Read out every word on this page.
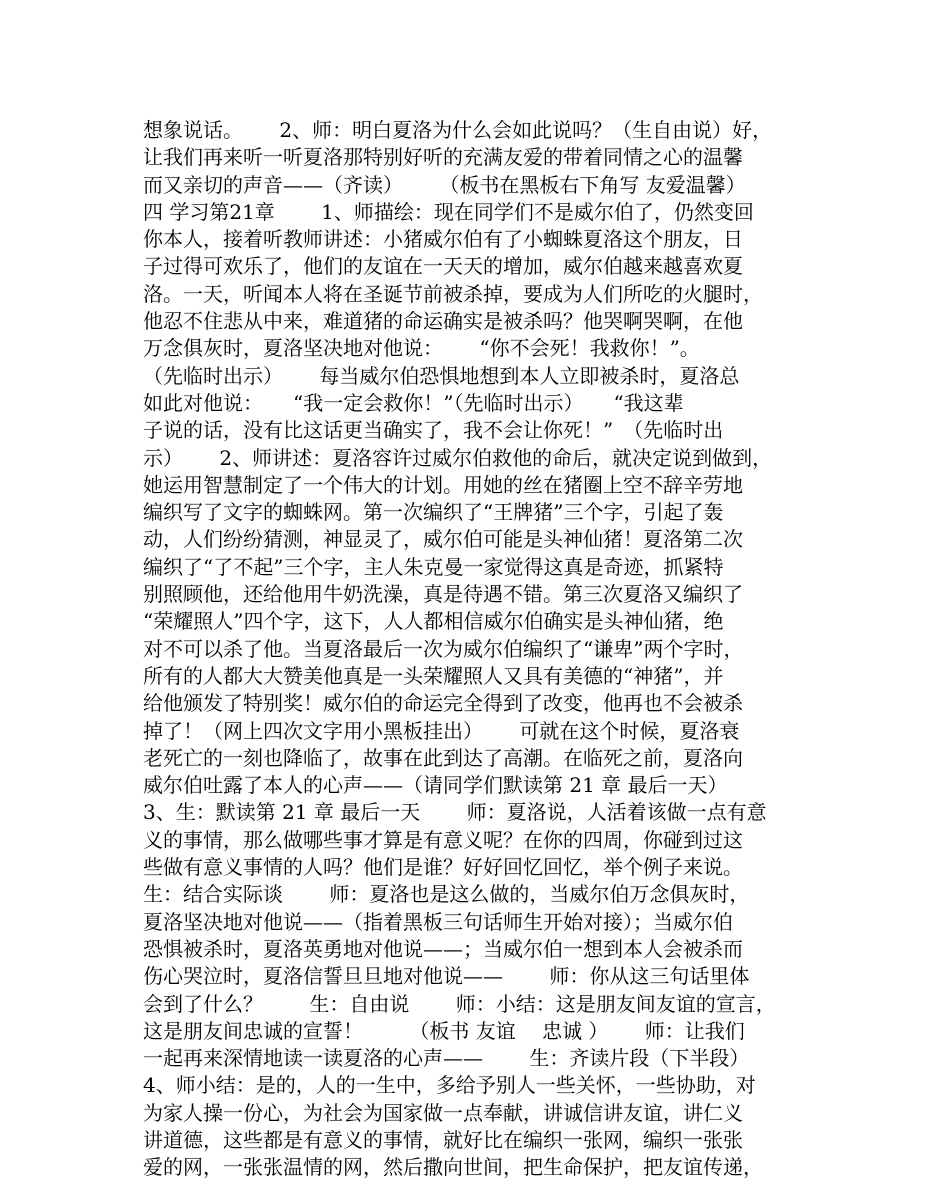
想象说话。　　 2、师：明白夏洛为什么会如此说吗？（生自由说）好，
让我们再来听一听夏洛那特别好听的充满友爱的带着同情之心的温馨
而又亲切的声音——（齐读）　　 （板书在黑板右下角写 友爱温馨）
四 学习第21章　　 1、师描绘：现在同学们不是威尔伯了，仍然变回
你本人，接着听教师讲述：小猪威尔伯有了小蜘蛛夏洛这个朋友，日
子过得可欢乐了，他们的友谊在一天天的增加，威尔伯越来越喜欢夏
洛。一天，听闻本人将在圣诞节前被杀掉，要成为人们所吃的火腿时，
他忍不住悲从中来，难道猪的命运确实是被杀吗？他哭啊哭啊，在他
万念俱灰时，夏洛坚决地对他说：　　 “你不会死！我救你！”。
（先临时出示）　　 每当威尔伯恐惧地想到本人立即被杀时，夏洛总
如此对他说：　　“我一定会救你！”（先临时出示）　　“我这辈
子说的话，没有比这话更当确实了，我不会让你死！”　（先临时出
示）　　 2、师讲述：夏洛容许过威尔伯救他的命后，就决定说到做到，
她运用智慧制定了一个伟大的计划。用她的丝在猪圈上空不辞辛劳地
编织写了文字的蜘蛛网。第一次编织了“王牌猪”三个字，引起了轰
动，人们纷纷猜测，神显灵了，威尔伯可能是头神仙猪！夏洛第二次
编织了“了不起”三个字，主人朱克曼一家觉得这真是奇迹，抓紧特
别照顾他，还给他用牛奶洗澡，真是待遇不错。第三次夏洛又编织了
“荣耀照人”四个字，这下，人人都相信威尔伯确实是头神仙猪，绝
对不可以杀了他。当夏洛最后一次为威尔伯编织了“谦卑”两个字时，
所有的人都大大赞美他真是一头荣耀照人又具有美德的“神猪”，并
给他颁发了特别奖！威尔伯的命运完全得到了改变，他再也不会被杀
掉了！（网上四次文字用小黑板挂出）　　 可就在这个时候，夏洛衰
老死亡的一刻也降临了，故事在此到达了高潮。在临死之前，夏洛向
威尔伯吐露了本人的心声——（请同学们默读第 21 章 最后一天）
3、生：默读第 21 章 最后一天　　 师：夏洛说，人活着该做一点有意
义的事情，那么做哪些事才算是有意义呢？在你的四周，你碰到过这
些做有意义事情的人吗？他们是谁？好好回忆回忆，举个例子来说。
生：结合实际谈　　 师：夏洛也是这么做的，当威尔伯万念俱灰时，
夏洛坚决地对他说——（指着黑板三句话师生开始对接）；当威尔伯
恐惧被杀时，夏洛英勇地对他说——；当威尔伯一想到本人会被杀而
伤心哭泣时，夏洛信誓旦旦地对他说——　　 师：你从这三句话里体
会到了什么？　　 生：自由说　　 师：小结：这是朋友间友谊的宣言，
这是朋友间忠诚的宣誓！　　 （板书 友谊　 忠诚 ）　　 师：让我们
一起再来深情地读一读夏洛的心声——　　 生：齐读片段（下半段）
4、师小结：是的，人的一生中，多给予别人一些关怀，一些协助，对
为家人操一份心，为社会为国家做一点奉献，讲诚信讲友谊，讲仁义
讲道德，这些都是有意义的事情，就好比在编织一张网，编织一张张
爱的网，一张张温情的网，然后撒向世间，把生命保护，把友谊传递，
